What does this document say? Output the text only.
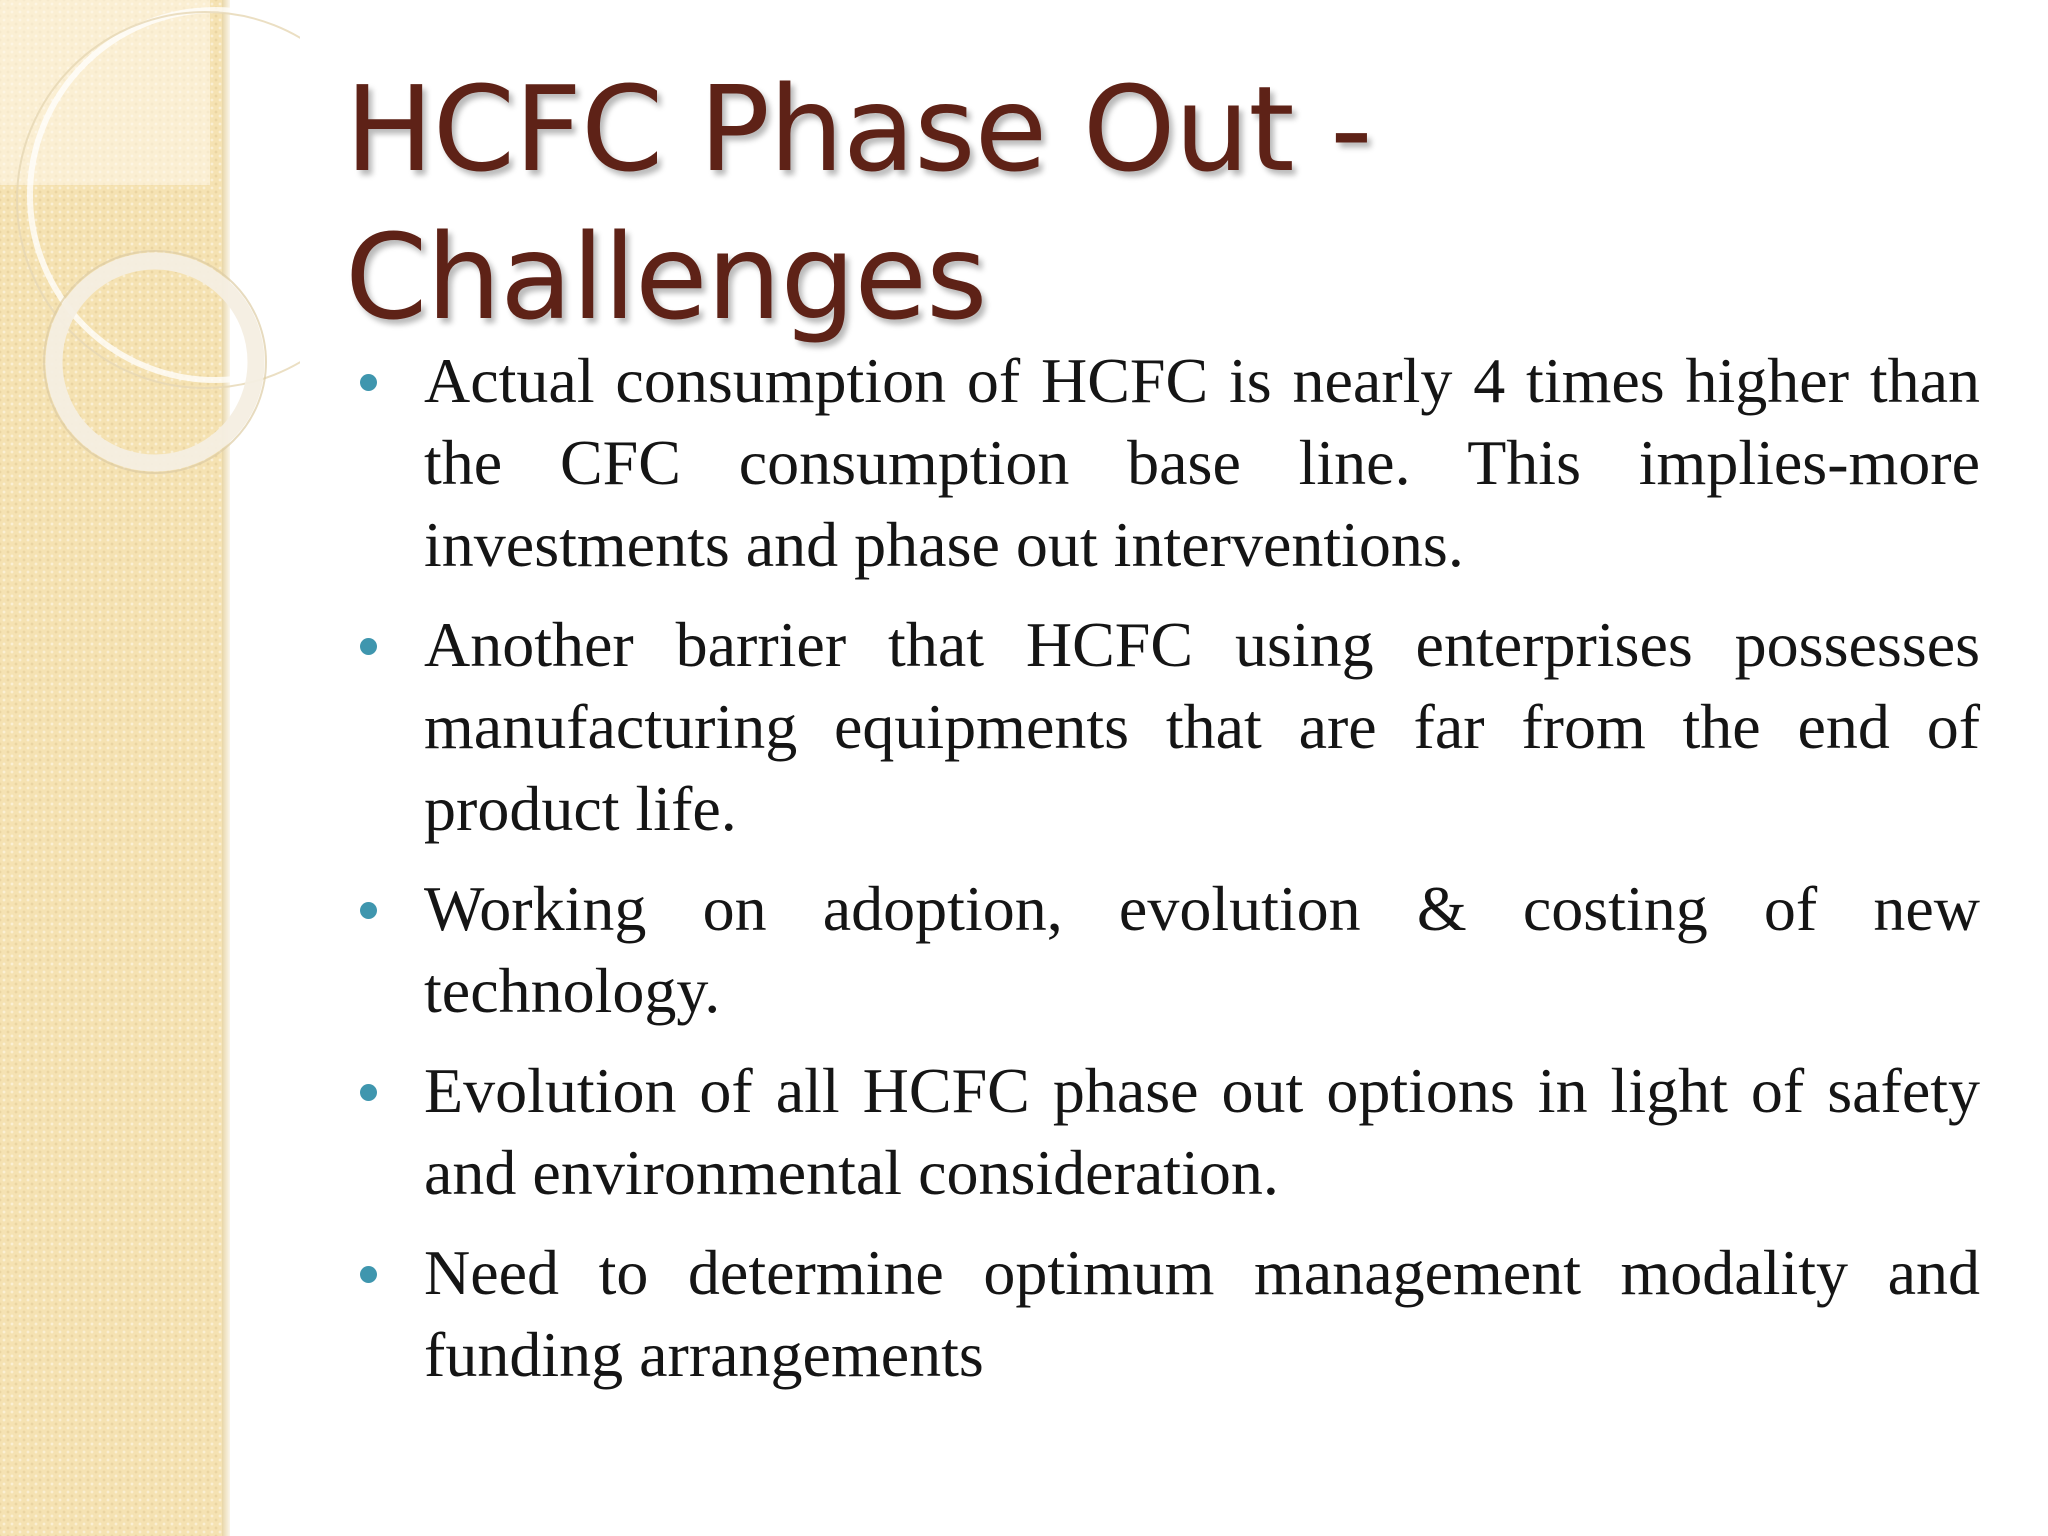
HCFC Phase Out -
Challenges
Actual consumption of HCFC is nearly 4 times higher than the CFC consumption base line. This implies-more investments and phase out interventions.
Another barrier that HCFC using enterprises possesses manufacturing equipments that are far from the end of product life.
Working on adoption, evolution & costing of new technology.
Evolution of all HCFC phase out options in light of safety and environmental consideration.
Need to determine optimum management modality and funding arrangements
